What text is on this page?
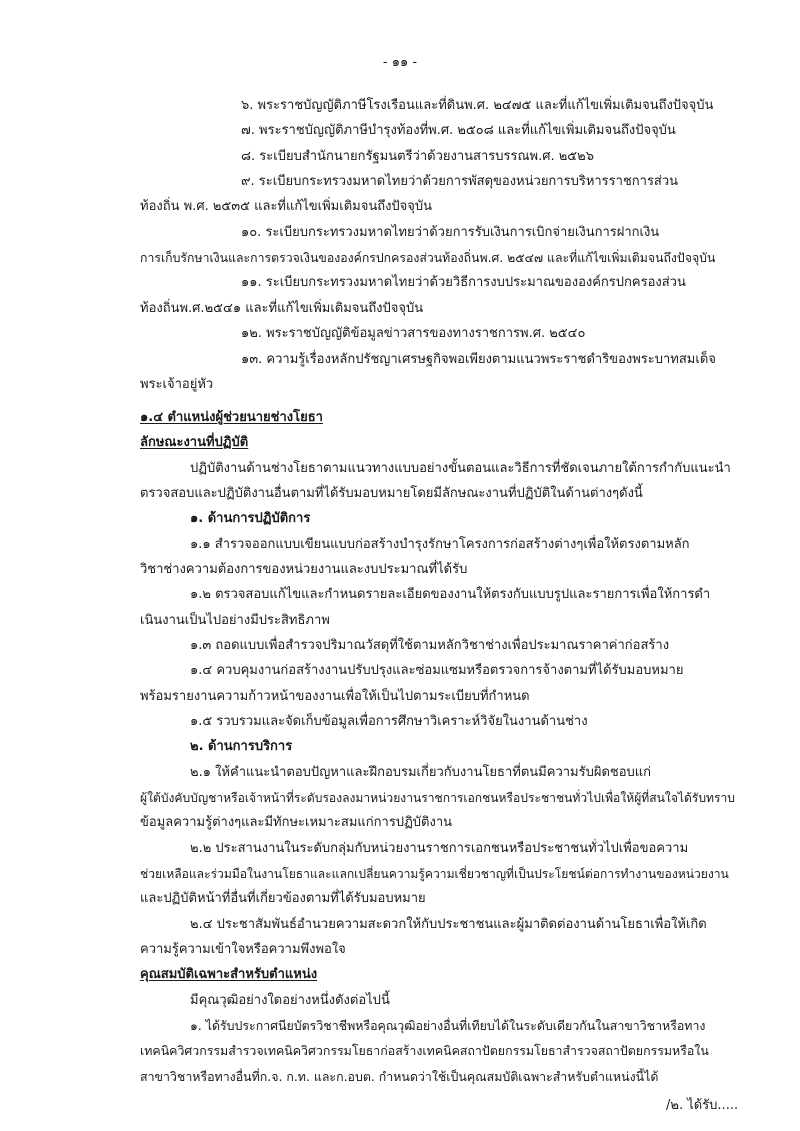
- ๑๑ -
๖. พระราชบัญญัติภาษีโรงเรือนและที่ดินพ.ศ. ๒๔๗๕ และที่แก้ไขเพิ่มเติมจนถึงปัจจุบัน
๗. พระราชบัญญัติภาษีบำรุงท้องที่พ.ศ. ๒๕๐๘ และที่แก้ไขเพิ่มเติมจนถึงปัจจุบัน
๘. ระเบียบสำนักนายกรัฐมนตรีว่าด้วยงานสารบรรณพ.ศ. ๒๕๒๖
๙. ระเบียบกระทรวงมหาดไทยว่าด้วยการพัสดุของหน่วยการบริหารราชการส่วน
ท้องถิ่น พ.ศ. ๒๕๓๕ และที่แก้ไขเพิ่มเติมจนถึงปัจจุบัน
๑๐. ระเบียบกระทรวงมหาดไทยว่าด้วยการรับเงินการเบิกจ่ายเงินการฝากเงิน
การเก็บรักษาเงินและการตรวจเงินขององค์กรปกครองส่วนท้องถิ่นพ.ศ. ๒๕๔๗ และที่แก้ไขเพิ่มเติมจนถึงปัจจุบัน
๑๑. ระเบียบกระทรวงมหาดไทยว่าด้วยวิธีการงบประมาณขององค์กรปกครองส่วน
ท้องถิ่นพ.ศ.๒๕๔๑ และที่แก้ไขเพิ่มเติมจนถึงปัจจุบัน
๑๒. พระราชบัญญัติข้อมูลข่าวสารของทางราชการพ.ศ. ๒๕๔๐
๑๓. ความรู้เรื่องหลักปรัชญาเศรษฐกิจพอเพียงตามแนวพระราชดำริของพระบาทสมเด็จ
พระเจ้าอยู่หัว
๑.๔ ตำแหน่งผู้ช่วยนายช่างโยธา
ลักษณะงานที่ปฏิบัติ
ปฏิบัติงานด้านช่างโยธาตามแนวทางแบบอย่างขั้นตอนและวิธีการที่ชัดเจนภายใต้การกำกับแนะนำ
ตรวจสอบและปฏิบัติงานอื่นตามที่ได้รับมอบหมายโดยมีลักษณะงานที่ปฏิบัติในด้านต่างๆดังนี้
๑. ด้านการปฏิบัติการ
๑.๑ สำรวจออกแบบเขียนแบบก่อสร้างบำรุงรักษาโครงการก่อสร้างต่างๆเพื่อให้ตรงตามหลัก
วิชาช่างความต้องการของหน่วยงานและงบประมาณที่ได้รับ
๑.๒ ตรวจสอบแก้ไขและกำหนดรายละเอียดของงานให้ตรงกับแบบรูปและรายการเพื่อให้การดำ
เนินงานเป็นไปอย่างมีประสิทธิภาพ
๑.๓ ถอดแบบเพื่อสำรวจปริมาณวัสดุที่ใช้ตามหลักวิชาช่างเพื่อประมาณราคาค่าก่อสร้าง
๑.๔ ควบคุมงานก่อสร้างงานปรับปรุงและซ่อมแซมหรือตรวจการจ้างตามที่ได้รับมอบหมาย
พร้อมรายงานความก้าวหน้าของงานเพื่อให้เป็นไปตามระเบียบที่กำหนด
๑.๕ รวบรวมและจัดเก็บข้อมูลเพื่อการศึกษาวิเคราะห์วิจัยในงานด้านช่าง
๒. ด้านการบริการ
๒.๑ ให้คำแนะนำตอบปัญหาและฝึกอบรมเกี่ยวกับงานโยธาที่ตนมีความรับผิดชอบแก่
ผู้ใต้บังคับบัญชาหรือเจ้าหน้าที่ระดับรองลงมาหน่วยงานราชการเอกชนหรือประชาชนทั่วไปเพื่อให้ผู้ที่สนใจได้รับทราบ
ข้อมูลความรู้ต่างๆและมีทักษะเหมาะสมแก่การปฏิบัติงาน
๒.๒ ประสานงานในระดับกลุ่มกับหน่วยงานราชการเอกชนหรือประชาชนทั่วไปเพื่อขอความ
ช่วยเหลือและร่วมมือในงานโยธาและแลกเปลี่ยนความรู้ความเชี่ยวชาญที่เป็นประโยชน์ต่อการทำงานของหน่วยงาน
และปฏิบัติหน้าที่อื่นที่เกี่ยวข้องตามที่ได้รับมอบหมาย
๒.๔ ประชาสัมพันธ์อำนวยความสะดวกให้กับประชาชนและผู้มาติดต่องานด้านโยธาเพื่อให้เกิด
ความรู้ความเข้าใจหรือความพึงพอใจ
คุณสมบัติเฉพาะสำหรับตำแหน่ง
มีคุณวุฒิอย่างใดอย่างหนึ่งดังต่อไปนี้
๑. ได้รับประกาศนียบัตรวิชาชีพหรือคุณวุฒิอย่างอื่นที่เทียบได้ในระดับเดียวกันในสาขาวิชาหรือทาง
เทคนิควิศวกรรมสำรวจเทคนิควิศวกรรมโยธาก่อสร้างเทคนิคสถาปัตยกรรมโยธาสำรวจสถาปัตยกรรมหรือใน
สาขาวิชาหรือทางอื่นที่ก.จ. ก.ท. และก.อบต. กำหนดว่าใช้เป็นคุณสมบัติเฉพาะสำหรับตำแหน่งนี้ได้
/๒. ได้รับ.....
